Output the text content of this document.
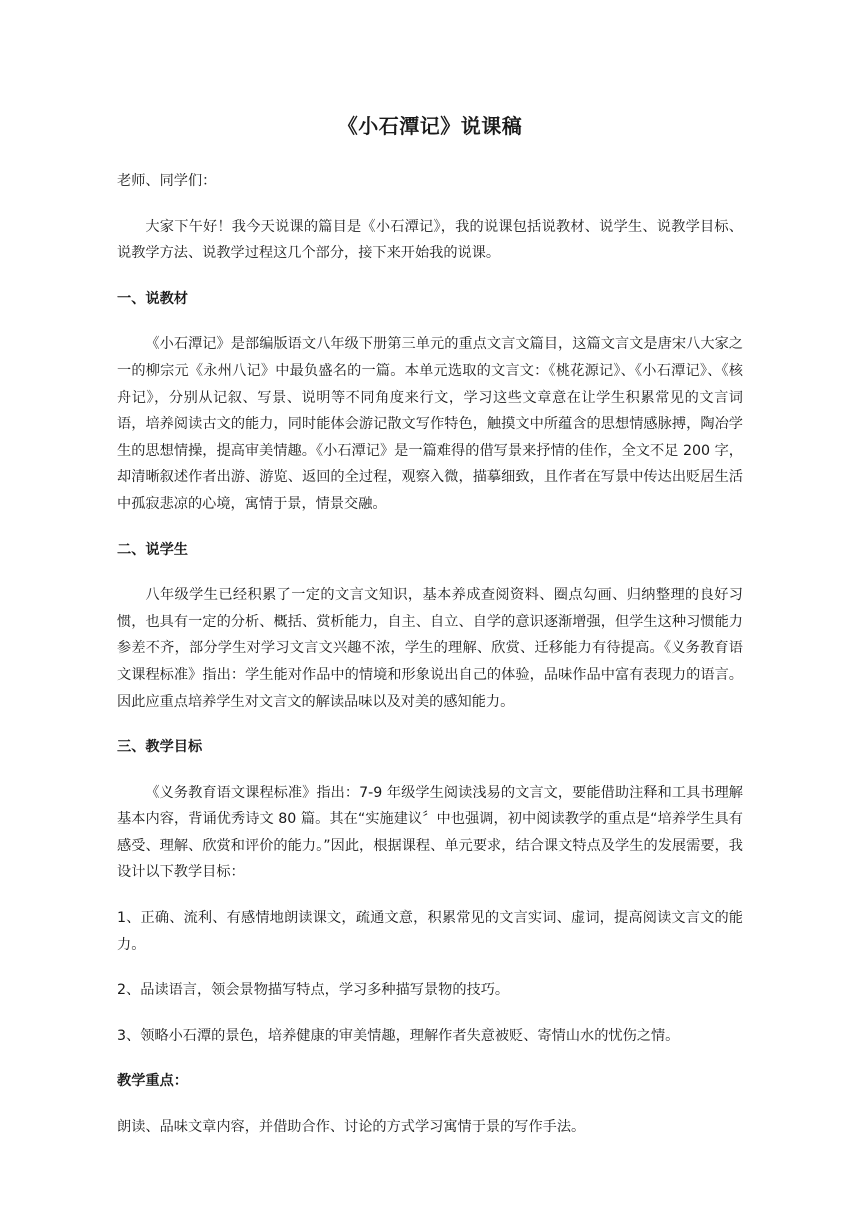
《小石潭记》说课稿

老师、同学们：

大家下午好！我今天说课的篇目是《小石潭记》，我的说课包括说教材、说学生、说教学目标、说教学方法、说教学过程这几个部分，接下来开始我的说课。

一、说教材

《小石潭记》是部编版语文八年级下册第三单元的重点文言文篇目，这篇文言文是唐宋八大家之一的柳宗元《永州八记》中最负盛名的一篇。本单元选取的文言文：《桃花源记》、《小石潭记》、《核舟记》，分别从记叙、写景、说明等不同角度来行文，学习这些文章意在让学生积累常见的文言词语，培养阅读古文的能力，同时能体会游记散文写作特色，触摸文中所蕴含的思想情感脉搏，陶冶学生的思想情操，提高审美情趣。《小石潭记》是一篇难得的借写景来抒情的佳作，全文不足 200 字，却清晰叙述作者出游、游览、返回的全过程，观察入微，描摹细致，且作者在写景中传达出贬居生活中孤寂悲凉的心境，寓情于景，情景交融。

二、说学生

八年级学生已经积累了一定的文言文知识，基本养成查阅资料、圈点勾画、归纳整理的良好习惯，也具有一定的分析、概括、赏析能力，自主、自立、自学的意识逐渐增强，但学生这种习惯能力参差不齐，部分学生对学习文言文兴趣不浓，学生的理解、欣赏、迁移能力有待提高。《义务教育语文课程标准》指出：学生能对作品中的情境和形象说出自己的体验，品味作品中富有表现力的语言。因此应重点培养学生对文言文的解读品味以及对美的感知能力。

三、教学目标

《义务教育语文课程标准》指出：7-9 年级学生阅读浅易的文言文，要能借助注释和工具书理解基本内容，背诵优秀诗文 80 篇。其在“实施建议〞中也强调，初中阅读教学的重点是“培养学生具有感受、理解、欣赏和评价的能力。”因此，根据课程、单元要求，结合课文特点及学生的发展需要，我设计以下教学目标：

1、正确、流利、有感情地朗读课文，疏通文意，积累常见的文言实词、虚词，提高阅读文言文的能力。

2、品读语言，领会景物描写特点，学习多种描写景物的技巧。

3、领略小石潭的景色，培养健康的审美情趣，理解作者失意被贬、寄情山水的忧伤之情。

教学重点：

朗读、品味文章内容，并借助合作、讨论的方式学习寓情于景的写作手法。
